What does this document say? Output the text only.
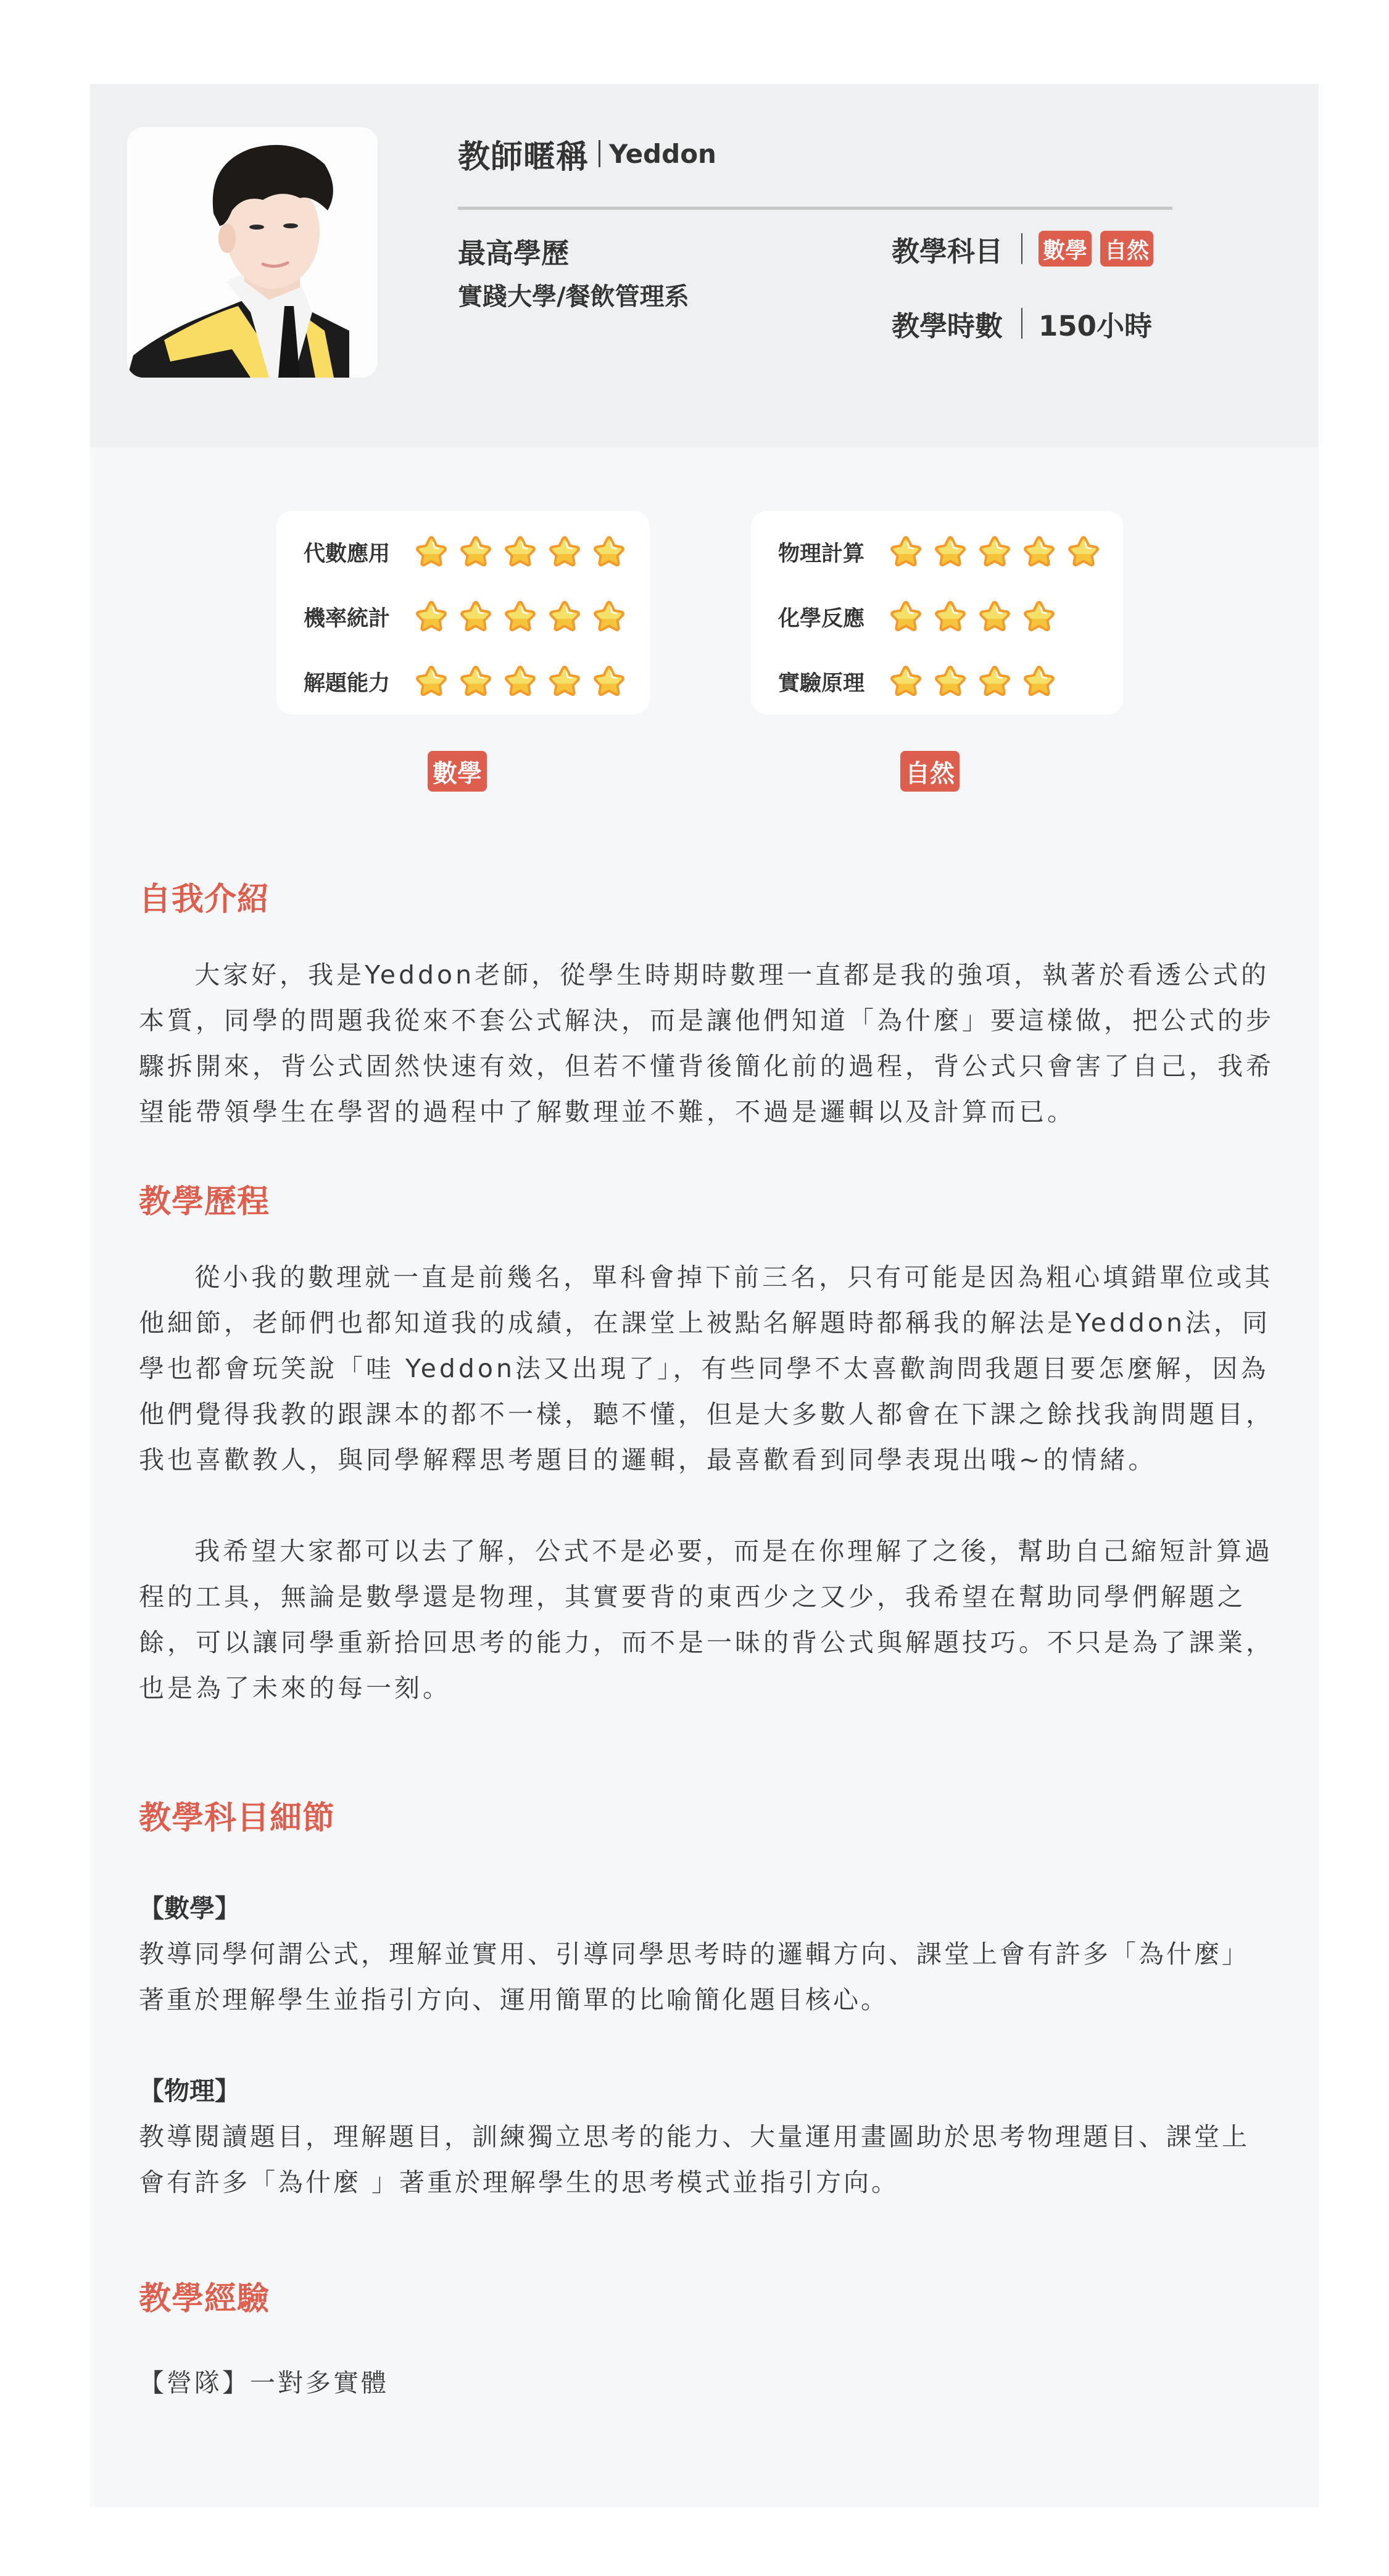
教師暱稱 Yeddon
最高學歷
實踐大學/餐飲管理系
教學科目 數學 自然
教學時數 150小時
代數應用
機率統計
解題能力
物理計算
化學反應
實驗原理
數學	自然
自我介紹

大家好，我是Yeddon老師，從學生時期時數理一直都是我的強項，執著於看透公式的本質，同學的問題我從來不套公式解決，而是讓他們知道「為什麼」要這樣做，把公式的步驟拆開來，背公式固然快速有效，但若不懂背後簡化前的過程，背公式只會害了自己，我希望能帶領學生在學習的過程中了解數理並不難，不過是邏輯以及計算而已。

教學歷程

從小我的數理就一直是前幾名，單科會掉下前三名，只有可能是因為粗心填錯單位或其他細節，老師們也都知道我的成績，在課堂上被點名解題時都稱我的解法是Yeddon法，同學也都會玩笑說「哇 Yeddon法又出現了」，有些同學不太喜歡詢問我題目要怎麼解，因為他們覺得我教的跟課本的都不一樣，聽不懂，但是大多數人都會在下課之餘找我詢問題目，我也喜歡教人，與同學解釋思考題目的邏輯，最喜歡看到同學表現出哦~的情緒。

我希望大家都可以去了解，公式不是必要，而是在你理解了之後，幫助自己縮短計算過程的工具，無論是數學還是物理，其實要背的東西少之又少，我希望在幫助同學們解題之餘，可以讓同學重新拾回思考的能力，而不是一昧的背公式與解題技巧。不只是為了課業，也是為了未來的每一刻。

教學科目細節
【數學】

教導同學何謂公式，理解並實用、引導同學思考時的邏輯方向、課堂上會有許多「為什麼」著重於理解學生並指引方向、運用簡單的比喻簡化題目核心。

【物理】

教導閱讀題目，理解題目，訓練獨立思考的能力、大量運用畫圖助於思考物理題目、課堂上會有許多「為什麼 」著重於理解學生的思考模式並指引方向。

教學經驗

【營隊】一對多實體
